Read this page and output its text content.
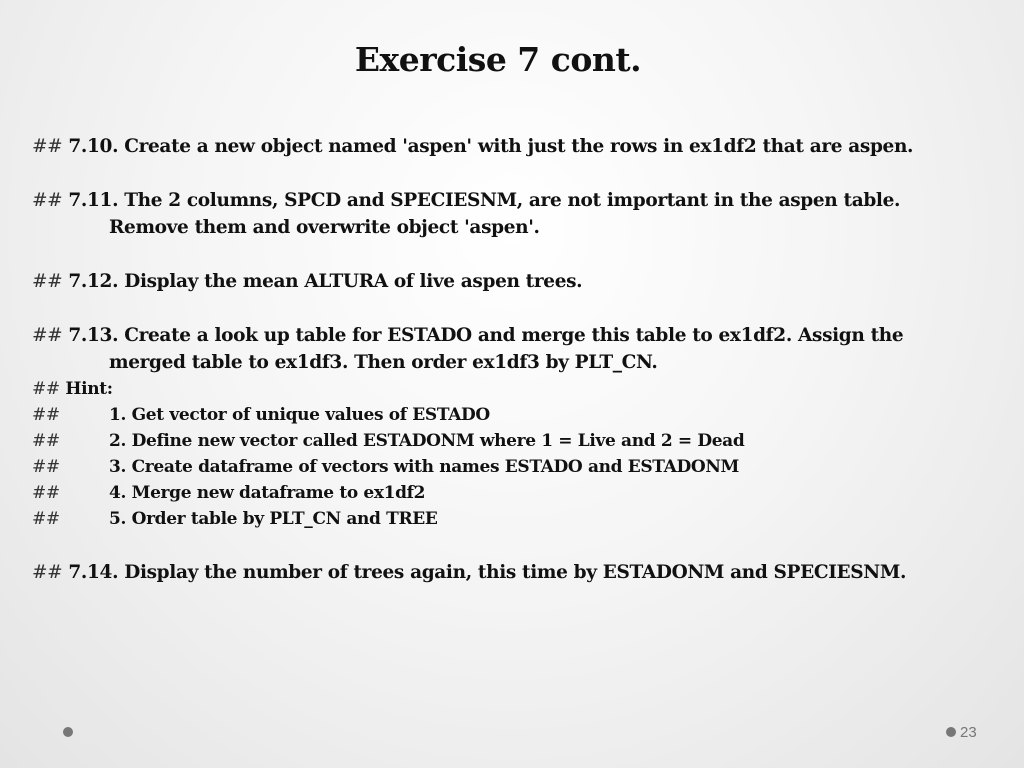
Exercise 7 cont.
## 7.10. Create a new object named 'aspen' with just the rows in ex1df2 that are aspen.
## 7.11. The 2 columns, SPCD and SPECIESNM, are not important in the aspen table.
Remove them and overwrite object 'aspen'.
## 7.12. Display the mean ALTURA of live aspen trees.
## 7.13. Create a look up table for ESTADO and merge this table to ex1df2. Assign the
merged table to ex1df3. Then order ex1df3 by PLT_CN.
## Hint:
##	1. Get vector of unique values of ESTADO
##	2. Define new vector called ESTADONM where 1 = Live and 2 = Dead
##	3. Create dataframe of vectors with names ESTADO and ESTADONM
##	4. Merge new dataframe to ex1df2
##	5. Order table by PLT_CN and TREE
## 7.14. Display the number of trees again, this time by ESTADONM and SPECIESNM.
23
